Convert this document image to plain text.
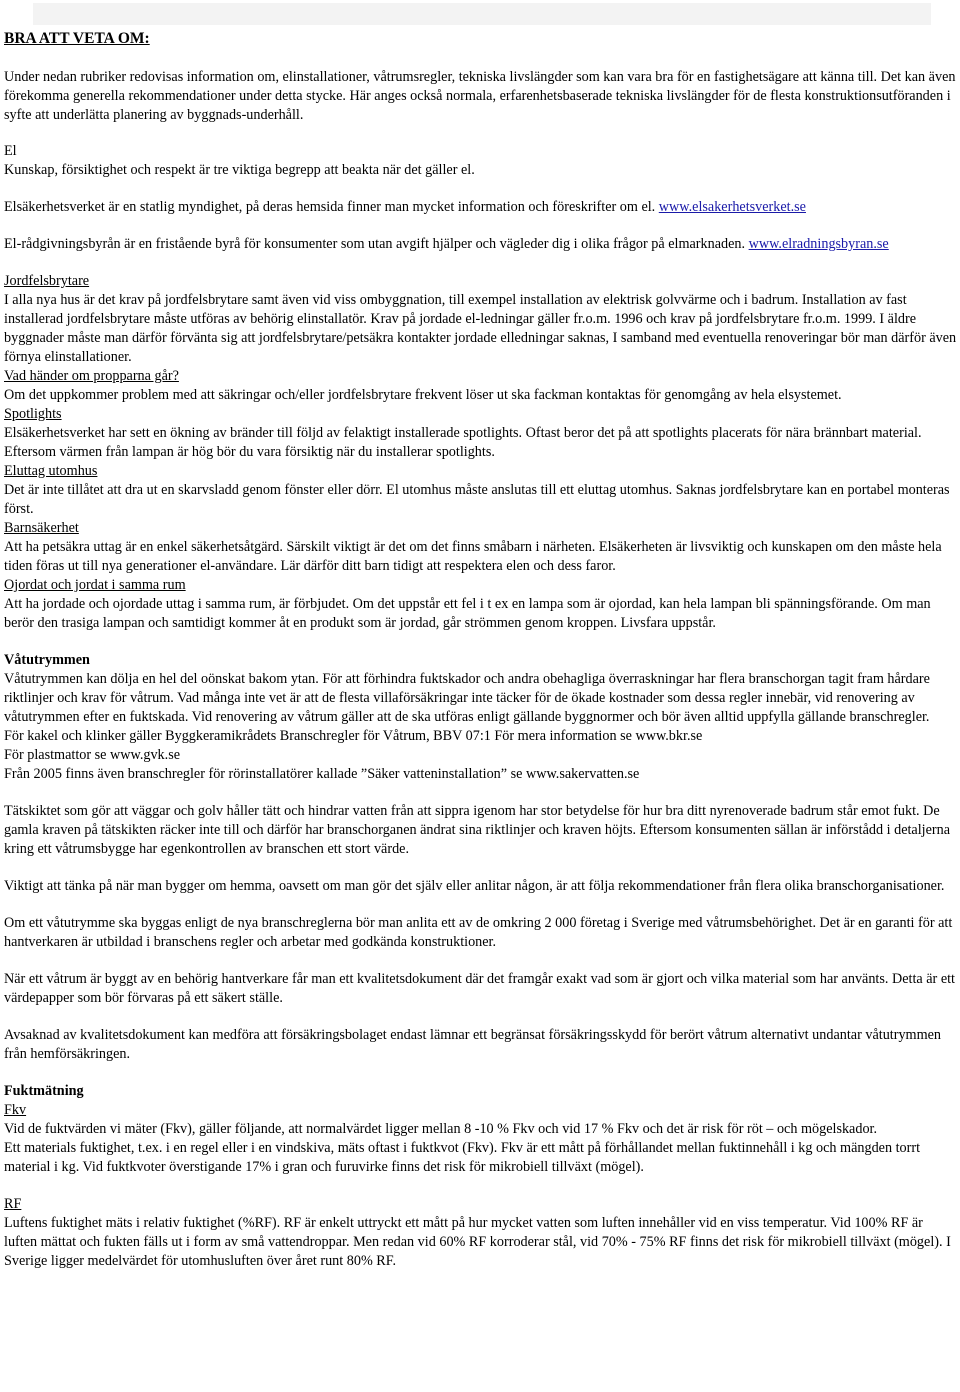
BRA ATT VETA OM:

Under nedan rubriker redovisas information om, elinstallationer, våtrumsregler, tekniska livslängder som kan vara bra för en fastighetsägare att känna till. Det kan även förekomma generella rekommendationer under detta stycke. Här anges också normala, erfarenhetsbaserade tekniska livslängder för de flesta konstruktionsutföranden i syfte att underlätta planering av byggnads-underhåll.

El

Kunskap, försiktighet och respekt är tre viktiga begrepp att beakta när det gäller el.

Elsäkerhetsverket är en statlig myndighet, på deras hemsida finner man mycket information och föreskrifter om el. www.elsakerhetsverket.se

El-rådgivningsbyrån är en fristående byrå för konsumenter som utan avgift hjälper och vägleder dig i olika frågor på elmarknaden. www.elradningsbyran.se

Jordfelsbrytare

I alla nya hus är det krav på jordfelsbrytare samt även vid viss ombyggnation, till exempel installation av elektrisk golvvärme och i badrum. Installation av fast installerad jordfelsbrytare måste utföras av behörig elinstallatör. Krav på jordade el-ledningar gäller fr.o.m. 1996 och krav på jordfelsbrytare fr.o.m. 1999. I äldre byggnader måste man därför förvänta sig att jordfelsbrytare/petsäkra kontakter jordade elledningar saknas, I samband med eventuella renoveringar bör man därför även förnya elinstallationer.

Vad händer om propparna går?

Om det uppkommer problem med att säkringar och/eller jordfelsbrytare frekvent löser ut ska fackman kontaktas för genomgång av hela elsystemet.

Spotlights

Elsäkerhetsverket har sett en ökning av bränder till följd av felaktigt installerade spotlights. Oftast beror det på att spotlights placerats för nära brännbart material. Eftersom värmen från lampan är hög bör du vara försiktig när du installerar spotlights.

Eluttag utomhus

Det är inte tillåtet att dra ut en skarvsladd genom fönster eller dörr. El utomhus måste anslutas till ett eluttag utomhus. Saknas jordfelsbrytare kan en portabel monteras först.

Barnsäkerhet

Att ha petsäkra uttag är en enkel säkerhetsåtgärd. Särskilt viktigt är det om det finns småbarn i närheten. Elsäkerheten är livsviktig och kunskapen om den måste hela tiden föras ut till nya generationer el-användare. Lär därför ditt barn tidigt att respektera elen och dess faror.

Ojordat och jordat i samma rum

Att ha jordade och ojordade uttag i samma rum, är förbjudet. Om det uppstår ett fel i t ex en lampa som är ojordad, kan hela lampan bli spänningsförande. Om man berör den trasiga lampan och samtidigt kommer åt en produkt som är jordad, går strömmen genom kroppen. Livsfara uppstår.

Våtutrymmen

Våtutrymmen kan dölja en hel del oönskat bakom ytan. För att förhindra fuktskador och andra obehagliga överraskningar har flera branschorgan tagit fram hårdare riktlinjer och krav för våtrum. Vad många inte vet är att de flesta villaförsäkringar inte täcker för de ökade kostnader som dessa regler innebär, vid renovering av våtutrymmen efter en fuktskada. Vid renovering av våtrum gäller att de ska utföras enligt gällande byggnormer och bör även alltid uppfylla gällande branschregler.

För kakel och klinker gäller Byggkeramikrådets Branschregler för Våtrum, BBV 07:1 För mera information se www.bkr.se

För plastmattor se www.gvk.se

Från 2005 finns även branschregler för rörinstallatörer kallade ”Säker vatteninstallation” se www.sakervatten.se

Tätskiktet som gör att väggar och golv håller tätt och hindrar vatten från att sippra igenom har stor betydelse för hur bra ditt nyrenoverade badrum står emot fukt. De gamla kraven på tätskikten räcker inte till och därför har branschorganen ändrat sina riktlinjer och kraven höjts. Eftersom konsumenten sällan är införstådd i detaljerna kring ett våtrumsbygge har egenkontrollen av branschen ett stort värde.

Viktigt att tänka på när man bygger om hemma, oavsett om man gör det själv eller anlitar någon, är att följa rekommendationer från flera olika branschorganisationer.

Om ett våtutrymme ska byggas enligt de nya branschreglerna bör man anlita ett av de omkring 2 000 företag i Sverige med våtrumsbehörighet. Det är en garanti för att hantverkaren är utbildad i branschens regler och arbetar med godkända konstruktioner.

När ett våtrum är byggt av en behörig hantverkare får man ett kvalitetsdokument där det framgår exakt vad som är gjort och vilka material som har använts. Detta är ett värdepapper som bör förvaras på ett säkert ställe.

Avsaknad av kvalitetsdokument kan medföra att försäkringsbolaget endast lämnar ett begränsat försäkringsskydd för berört våtrum alternativt undantar våtutrymmen från hemförsäkringen.

Fuktmätning

Fkv

Vid de fuktvärden vi mäter (Fkv), gäller följande, att normalvärdet ligger mellan 8 -10 % Fkv och vid 17 % Fkv och det är risk för röt – och mögelskador.

Ett materials fuktighet, t.ex. i en regel eller i en vindskiva, mäts oftast i fuktkvot (Fkv). Fkv är ett mått på förhållandet mellan fuktinnehåll i kg och mängden torrt material i kg. Vid fuktkvoter överstigande 17% i gran och furuvirke finns det risk för mikrobiell tillväxt (mögel).

RF

Luftens fuktighet mäts i relativ fuktighet (%RF). RF är enkelt uttryckt ett mått på hur mycket vatten som luften innehåller vid en viss temperatur. Vid 100% RF är luften mättat och fukten fälls ut i form av små vattendroppar. Men redan vid 60% RF korroderar stål, vid 70% - 75% RF finns det risk för mikrobiell tillväxt (mögel). I Sverige ligger medelvärdet för utomhusluften över året runt 80% RF.
